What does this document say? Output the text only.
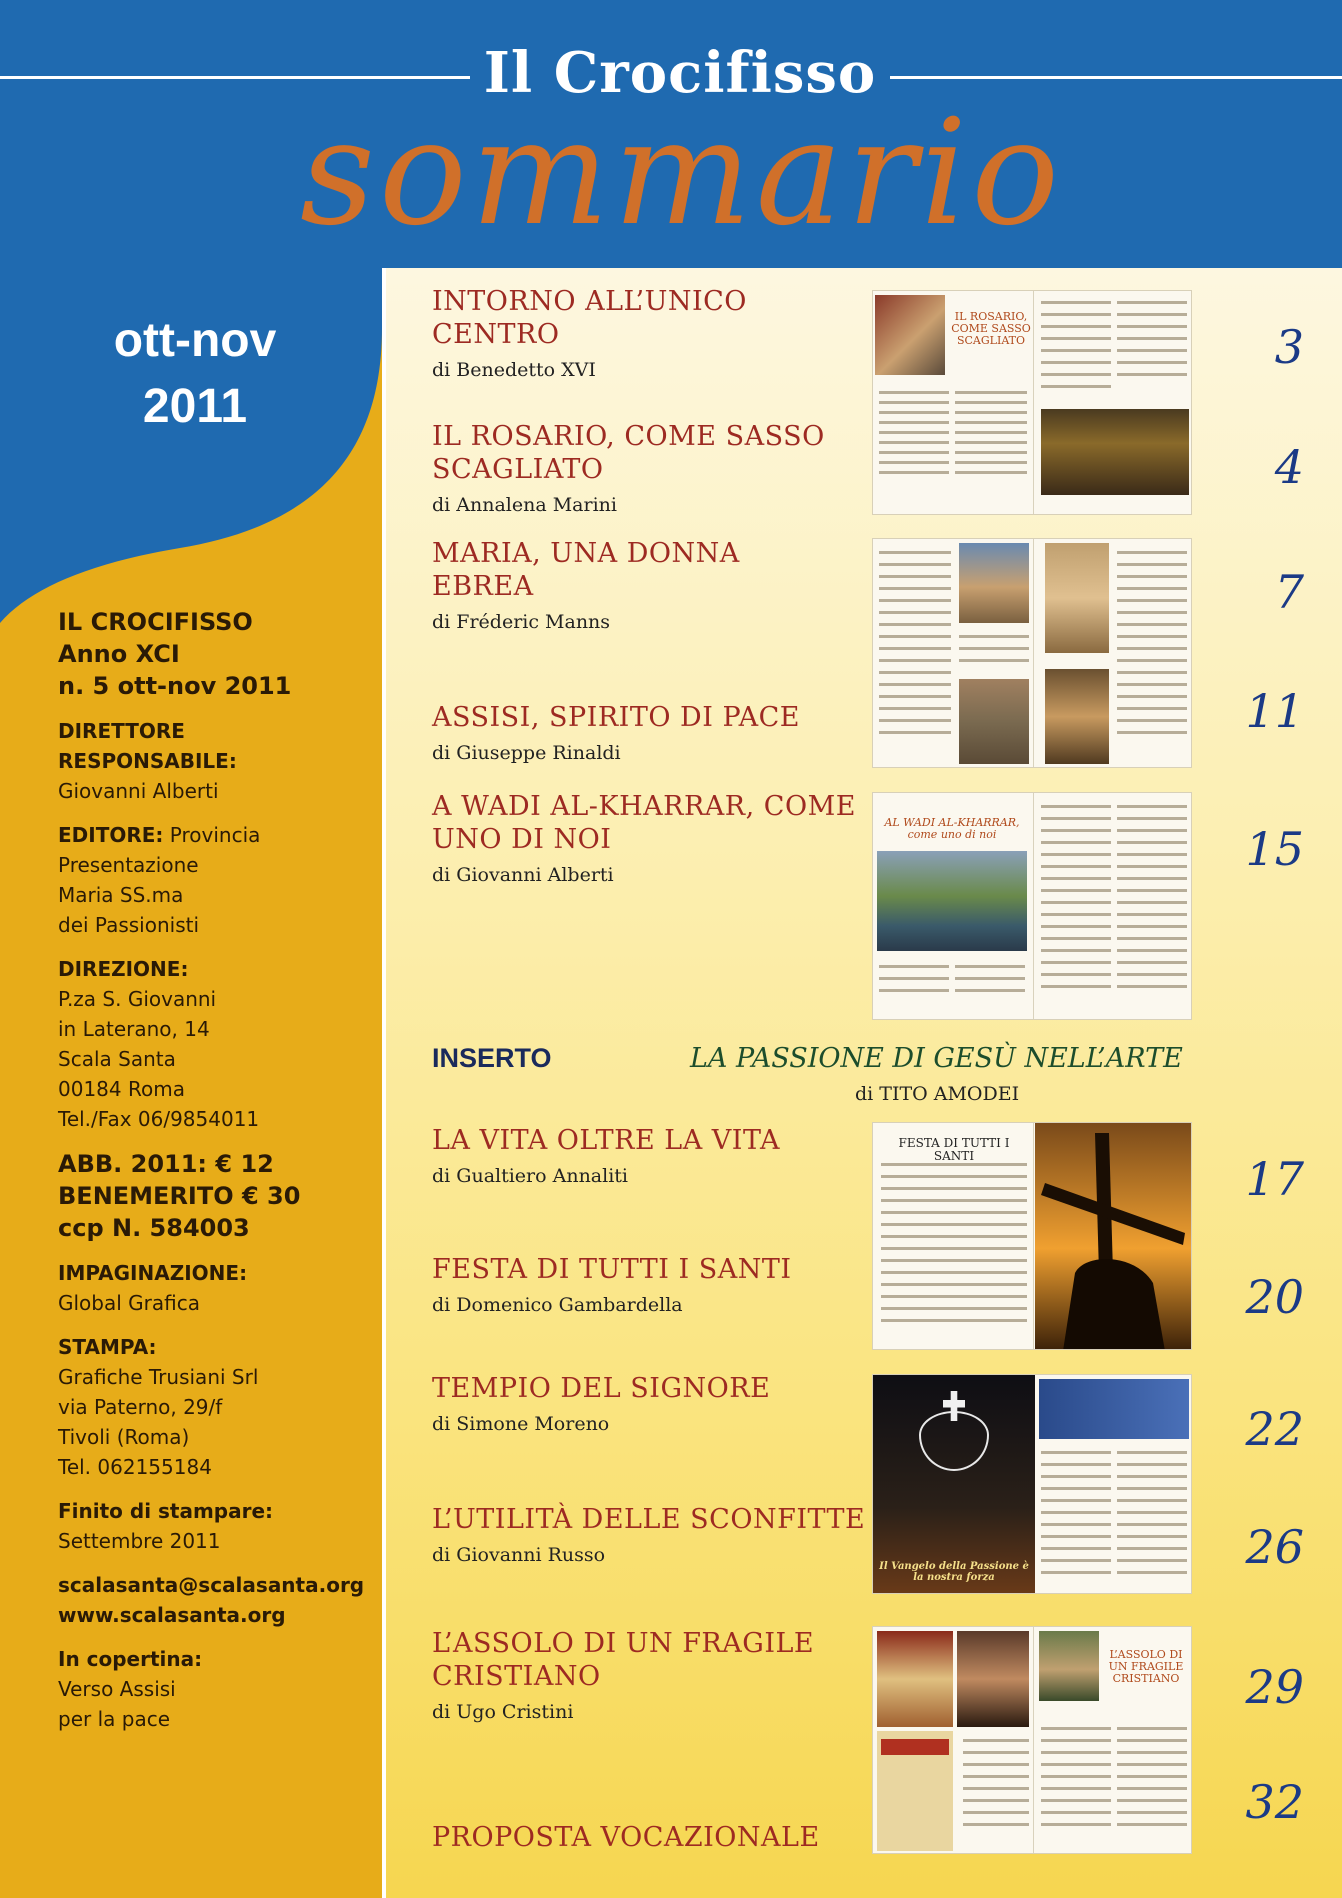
Il Crocifisso
sommario
ott-nov
2011
IL CROCIFISSO
Anno XCI
n. 5 ott-nov 2011
DIRETTORE RESPONSABILE:
Giovanni Alberti
EDITORE: Provincia
Presentazione
Maria SS.ma
dei Passionisti
DIREZIONE:
P.za S. Giovanni
in Laterano, 14
Scala Santa
00184 Roma
Tel./Fax 06/9854011
ABB. 2011: € 12
BENEMERITO € 30
ccp N. 584003
IMPAGINAZIONE:
Global Grafica
STAMPA:
Grafiche Trusiani Srl
via Paterno, 29/f
Tivoli (Roma)
Tel. 062155184
Finito di stampare:
Settembre 2011
scalasanta@scalasanta.org
www.scalasanta.org
In copertina:
Verso Assisi
per la pace
INTORNO ALL’UNICO CENTRO
di Benedetto XVI
IL ROSARIO, COME SASSO SCAGLIATO
di Annalena Marini
MARIA, UNA DONNA EBREA
di Fréderic Manns
ASSISI, SPIRITO DI PACE
di Giuseppe Rinaldi
A WADI AL-KHARRAR, COME UNO DI NOI
di Giovanni Alberti
INSERTO	LA PASSIONE DI GESÙ NELL’ARTE
di TITO AMODEI
LA VITA OLTRE LA VITA
di Gualtiero Annaliti
FESTA DI TUTTI I SANTI
di Domenico Gambardella
TEMPIO DEL SIGNORE
di Simone Moreno
L’UTILITÀ DELLE SCONFITTE
di Giovanni Russo
L’ASSOLO DI UN FRAGILE CRISTIANO
di Ugo Cristini
PROPOSTA VOCAZIONALE
3
4
7
11
15
17
20
22
26
29
32
IL ROSARIO,
COME SASSO
SCAGLIATO
AL WADI AL-KHARRAR,
come uno di noi
FESTA DI TUTTI I SANTI
Il Vangelo della Passione è la nostra forza
L’ASSOLO DI
UN FRAGILE
CRISTIANO
